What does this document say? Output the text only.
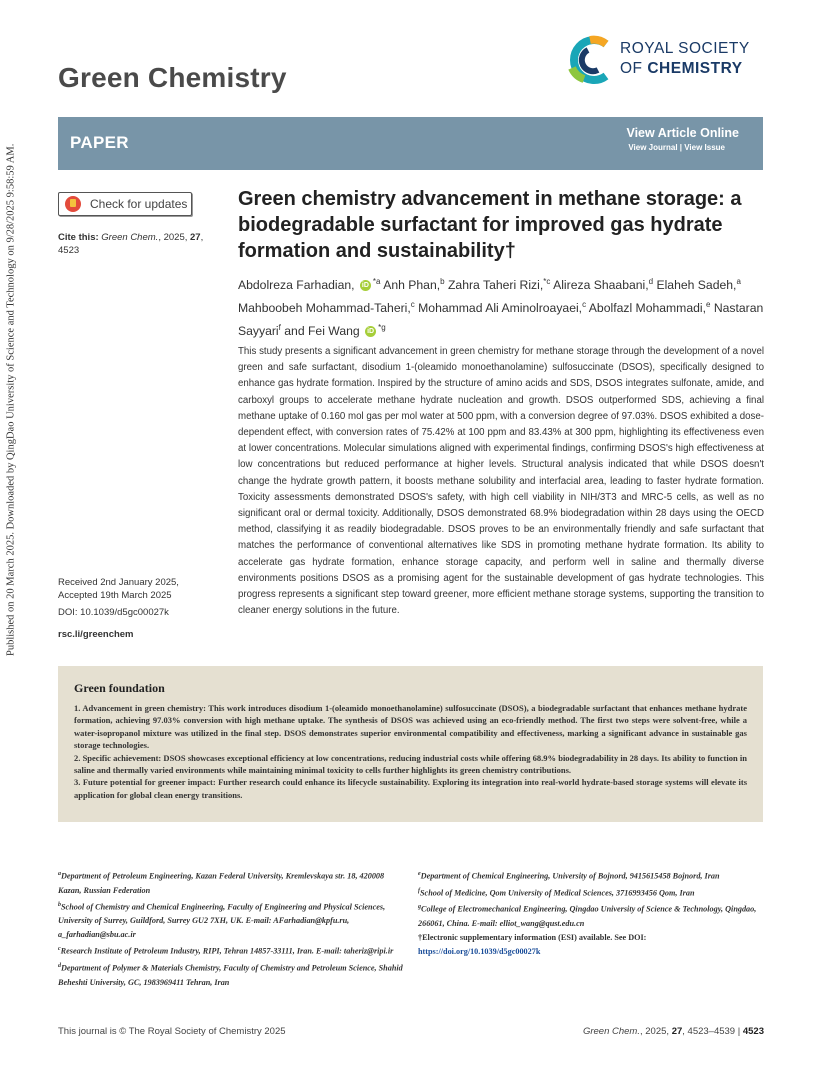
Published on 20 March 2025. Downloaded by QingDao University of Science and Technology on 9/28/2025 9:58:59 AM.
Green Chemistry
ROYAL SOCIETY
OF CHEMISTRY
PAPER	View Article Online
View Journal | View Issue
Check for updates
Cite this: Green Chem., 2025, 27, 4523
Green chemistry advancement in methane storage: a biodegradable surfactant for improved gas hydrate formation and sustainability†
Abdolreza Farhadian, iD $^{*a}$ Anh Phan,$^b$ Zahra Taheri Rizi,$^{*c}$ Alireza Shaabani,$^d$ Elaheh Sadeh,$^a$ Mahboobeh Mohammad-Taheri,$^c$ Mohammad Ali Aminolroayaei,$^c$ Abolfazl Mohammadi,$^e$ Nastaran Sayyari$^f$ and Fei Wang iD $^{*g}$
This study presents a significant advancement in green chemistry for methane storage through the development of a novel green and safe surfactant, disodium 1-(oleamido monoethanolamine) sulfosuccinate (DSOS), specifically designed to enhance gas hydrate formation. Inspired by the structure of amino acids and SDS, DSOS integrates sulfonate, amide, and carboxyl groups to accelerate methane hydrate nucleation and growth. DSOS outperformed SDS, achieving a final methane uptake of 0.160 mol gas per mol water at 500 ppm, with a conversion degree of 97.03%. DSOS exhibited a dose-dependent effect, with conversion rates of 75.42% at 100 ppm and 83.43% at 300 ppm, highlighting its effectiveness even at lower concentrations. Molecular simulations aligned with experimental findings, confirming DSOS's high effectiveness at low concentrations but reduced performance at higher levels. Structural analysis indicated that while DSOS doesn't change the hydrate growth pattern, it boosts methane solubility and interfacial area, leading to faster hydrate formation. Toxicity assessments demonstrated DSOS's safety, with high cell viability in NIH/3T3 and MRC-5 cells, as well as no significant oral or dermal toxicity. Additionally, DSOS demonstrated 68.9% biodegradation within 28 days using the OECD method, classifying it as readily biodegradable. DSOS proves to be an environmentally friendly and safe surfactant that matches the performance of conventional alternatives like SDS in promoting methane hydrate formation. Its ability to accelerate gas hydrate formation, enhance storage capacity, and perform well in saline and thermally diverse environments positions DSOS as a promising agent for the sustainable development of gas hydrate technologies. This progress represents a significant step toward greener, more efficient methane storage systems, supporting the transition to cleaner energy solutions in the future.
Received 2nd January 2025,
Accepted 19th March 2025
DOI: 10.1039/d5gc00027k
rsc.li/greenchem
Green foundation

1. Advancement in green chemistry: This work introduces disodium 1-(oleamido monoethanolamine) sulfosuccinate (DSOS), a biodegradable surfactant that enhances methane hydrate formation, achieving 97.03% conversion with high methane uptake. The synthesis of DSOS was achieved using an eco-friendly method. The first two steps were solvent-free, while a water-isopropanol mixture was utilized in the final step. DSOS demonstrates superior environmental compatibility and effectiveness, marking a significant advance in sustainable gas storage technologies.

2. Specific achievement: DSOS showcases exceptional efficiency at low concentrations, reducing industrial costs while offering 68.9% biodegradability in 28 days. Its ability to function in saline and thermally varied environments while maintaining minimal toxicity to cells further highlights its green chemistry contributions.

3. Future potential for greener impact: Further research could enhance its lifecycle sustainability. Exploring its integration into real-world hydrate-based storage systems will elevate its application for global clean energy transitions.

$^a$Department of Petroleum Engineering, Kazan Federal University, Kremlevskaya str. 18, 420008 Kazan, Russian Federation

$^b$School of Chemistry and Chemical Engineering, Faculty of Engineering and Physical Sciences, University of Surrey, Guildford, Surrey GU2 7XH, UK. E-mail: AFarhadian@kpfu.ru, a_farhadian@sbu.ac.ir

$^c$Research Institute of Petroleum Industry, RIPI, Tehran 14857-33111, Iran. E-mail: taheriz@ripi.ir

$^d$Department of Polymer & Materials Chemistry, Faculty of Chemistry and Petroleum Science, Shahid Beheshti University, GC, 1983969411 Tehran, Iran

$^e$Department of Chemical Engineering, University of Bojnord, 9415615458 Bojnord, Iran

$^f$School of Medicine, Qom University of Medical Sciences, 3716993456 Qom, Iran

$^g$College of Electromechanical Engineering, Qingdao University of Science & Technology, Qingdao, 266061, China. E-mail: elliot_wang@qust.edu.cn

†Electronic supplementary information (ESI) available. See DOI: https://doi.org/10.1039/d5gc00027k

This journal is © The Royal Society of Chemistry 2025	Green Chem., 2025, 27, 4523–4539 | 4523
